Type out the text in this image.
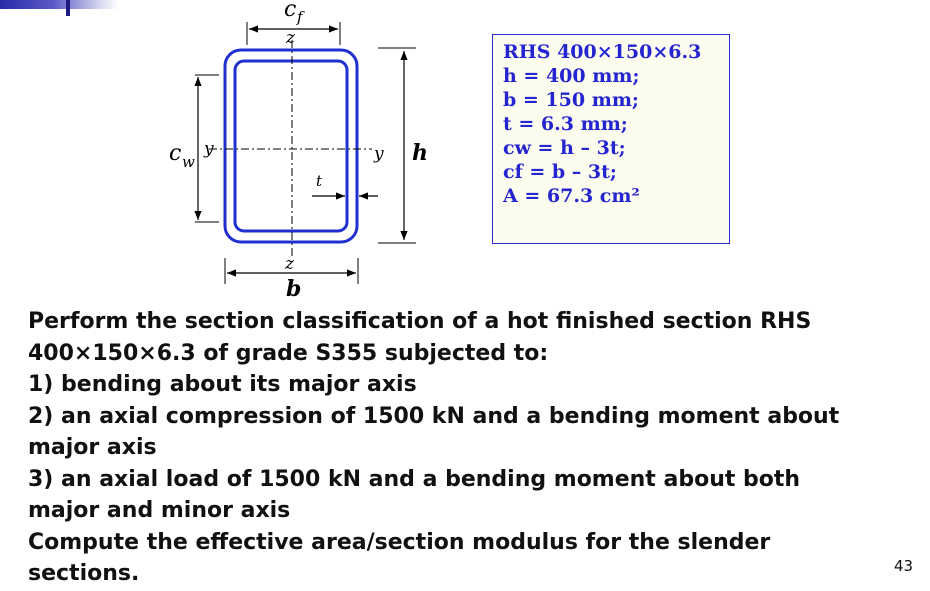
c f
z
c w
y	y h
t
z
b
RHS 400×150×6.3
h = 400 mm;
b = 150 mm;
t = 6.3 mm;
cw = h – 3t;
cf = b – 3t;
A = 67.3 cm²
Perform the section classification of a hot finished section RHS
400×150×6.3 of grade S355 subjected to:
1) bending about its major axis
2) an axial compression of 1500 kN and a bending moment about
major axis
3) an axial load of 1500 kN and a bending moment about both
major and minor axis
Compute the effective area/section modulus for the slender
sections.	43
